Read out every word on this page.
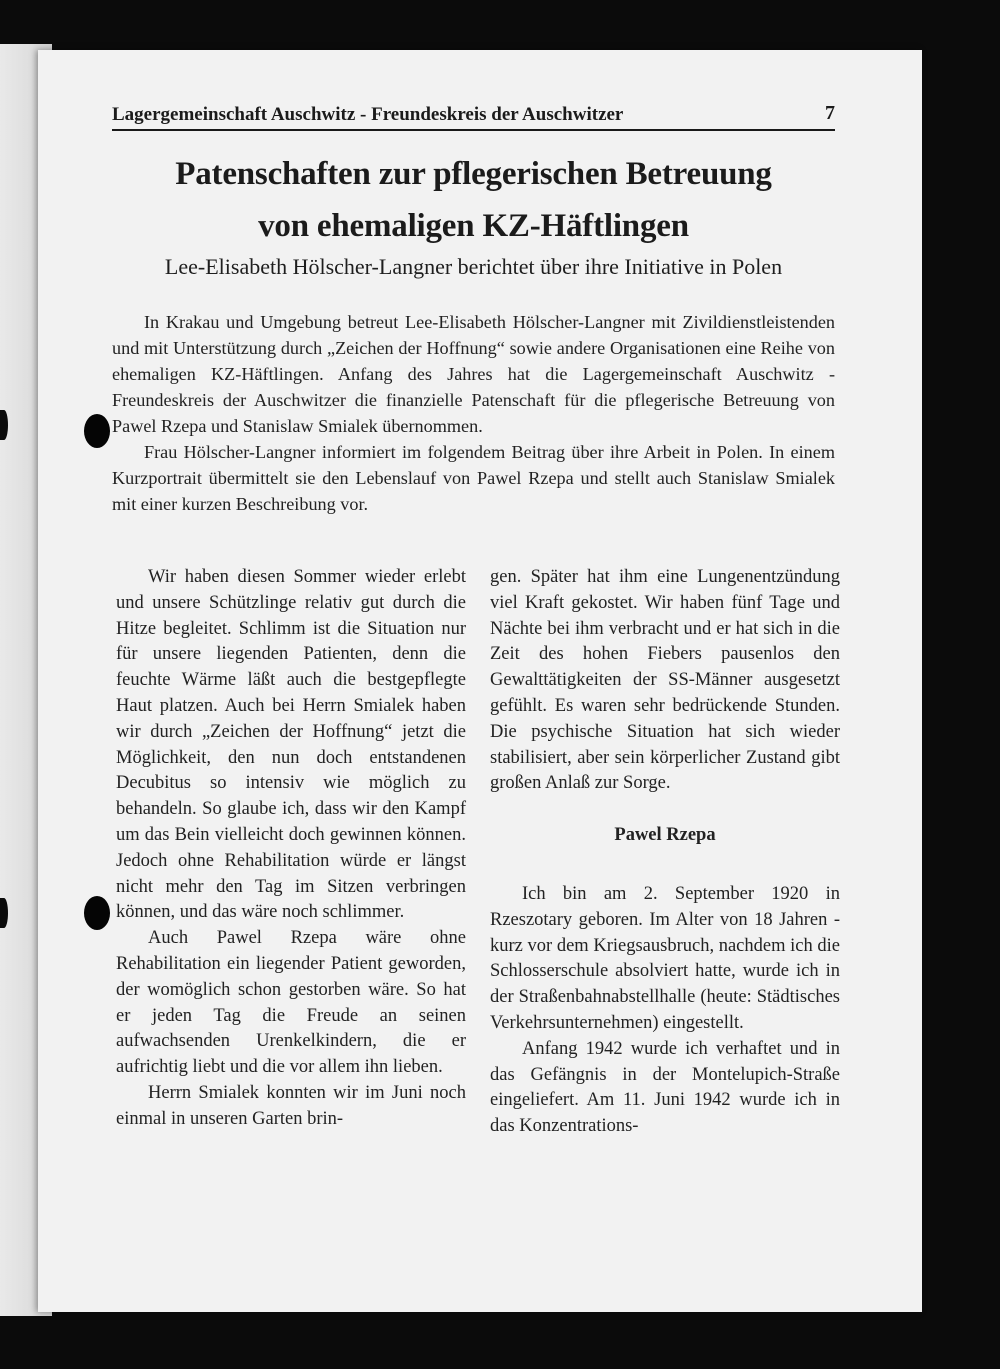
Lagergemeinschaft Auschwitz - Freundeskreis der Auschwitzer	7
Patenschaften zur pflegerischen Betreuung
von ehemaligen KZ-Häftlingen
Lee-Elisabeth Hölscher-Langner berichtet über ihre Initiative in Polen

In Krakau und Umgebung betreut Lee-Elisabeth Hölscher-Langner mit Zivildienstleistenden und mit Unterstützung durch „Zeichen der Hoffnung“ sowie andere Organisationen eine Reihe von ehemaligen KZ-Häftlingen. Anfang des Jahres hat die Lagergemeinschaft Auschwitz - Freundeskreis der Auschwitzer die finanzielle Patenschaft für die pflegerische Betreuung von Pawel Rzepa und Stanislaw Smialek übernommen.

Frau Hölscher-Langner informiert im folgendem Beitrag über ihre Arbeit in Polen. In einem Kurzportrait übermittelt sie den Lebenslauf von Pawel Rzepa und stellt auch Stanislaw Smialek mit einer kurzen Beschreibung vor.

Wir haben diesen Sommer wieder erlebt und unsere Schützlinge relativ gut durch die Hitze begleitet. Schlimm ist die Situation nur für unsere liegenden Patienten, denn die feuchte Wärme läßt auch die bestgepflegte Haut platzen. Auch bei Herrn Smialek haben wir durch „Zeichen der Hoffnung“ jetzt die Möglichkeit, den nun doch entstandenen Decubitus so intensiv wie möglich zu behandeln. So glaube ich, dass wir den Kampf um das Bein vielleicht doch gewinnen können. Jedoch ohne Rehabilitation würde er längst nicht mehr den Tag im Sitzen verbringen können, und das wäre noch schlimmer.

Auch Pawel Rzepa wäre ohne Rehabilitation ein liegender Patient geworden, der womöglich schon gestorben wäre. So hat er jeden Tag die Freude an seinen aufwachsenden Urenkelkindern, die er aufrichtig liebt und die vor allem ihn lieben.

Herrn Smialek konnten wir im Juni noch einmal in unseren Garten brin-

gen. Später hat ihm eine Lungenentzündung viel Kraft gekostet. Wir haben fünf Tage und Nächte bei ihm verbracht und er hat sich in die Zeit des hohen Fiebers pausenlos den Gewalttätigkeiten der SS-Männer ausgesetzt gefühlt. Es waren sehr bedrückende Stunden. Die psychische Situation hat sich wieder stabilisiert, aber sein körperlicher Zustand gibt großen Anlaß zur Sorge.

Pawel Rzepa

Ich bin am 2. September 1920 in Rzeszotary geboren. Im Alter von 18 Jahren - kurz vor dem Kriegsausbruch, nachdem ich die Schlosserschule absolviert hatte, wurde ich in der Straßenbahnabstellhalle (heute: Städtisches Verkehrsunternehmen) eingestellt.

Anfang 1942 wurde ich verhaftet und in das Gefängnis in der Montelupich-Straße eingeliefert. Am 11. Juni 1942 wurde ich in das Konzentrations-
